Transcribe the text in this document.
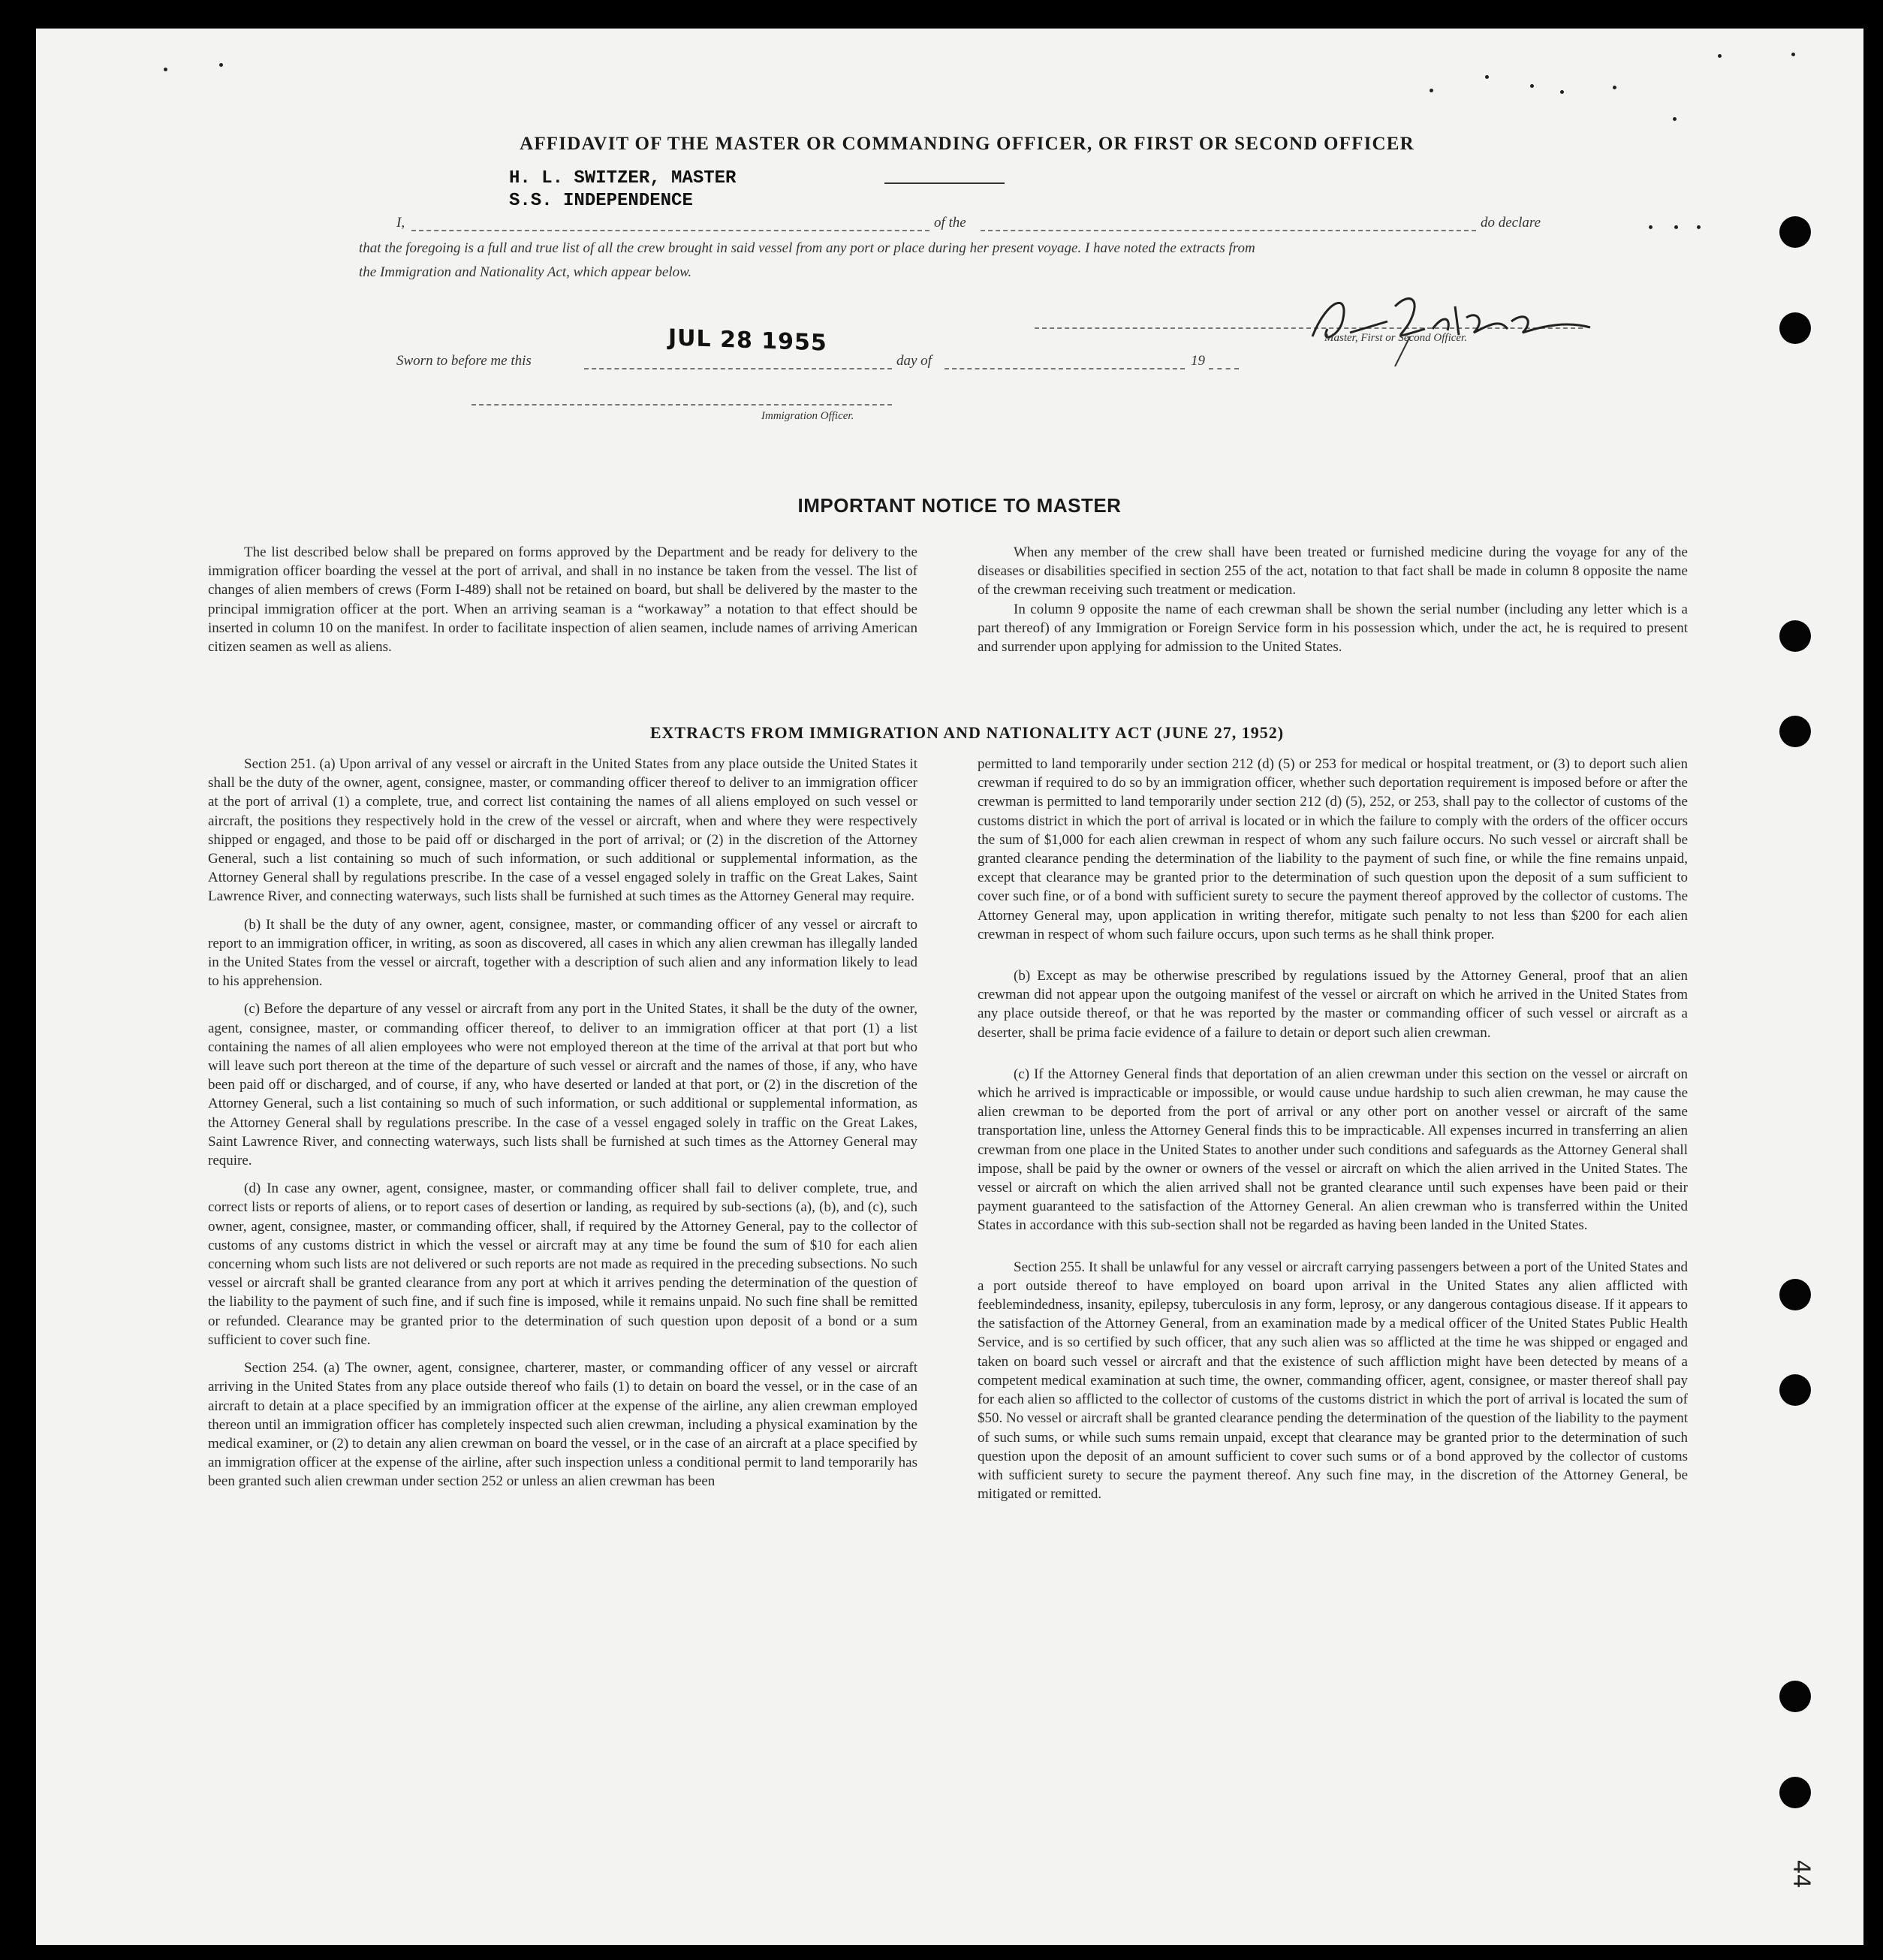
AFFIDAVIT OF THE MASTER OR COMMANDING OFFICER, OR FIRST OR SECOND OFFICER
H. L. SWITZER, MASTER
S.S. INDEPENDENCE
I,	of the	do declare
that the foregoing is a full and true list of all the crew brought in said vessel from any port or place during her present voyage. I have noted the extracts from
the Immigration and Nationality Act, which appear below.
Master, First or Second Officer.
Sworn to before me this
JUL 28 1955
day of	19
Immigration Officer.
IMPORTANT NOTICE TO MASTER

The list described below shall be prepared on forms approved by the Department and be ready for delivery to the immigration officer boarding the vessel at the port of arrival, and shall in no instance be taken from the vessel. The list of changes of alien members of crews (Form I-489) shall not be retained on board, but shall be delivered by the master to the principal immigration officer at the port. When an arriving seaman is a “workaway” a notation to that effect should be inserted in column 10 on the manifest. In order to facilitate inspection of alien seamen, include names of arriving American citizen seamen as well as aliens.

When any member of the crew shall have been treated or furnished medicine during the voyage for any of the diseases or disabilities specified in section 255 of the act, notation to that fact shall be made in column 8 opposite the name of the crewman receiving such treatment or medication.

In column 9 opposite the name of each crewman shall be shown the serial number (including any letter which is a part thereof) of any Immigration or Foreign Service form in his possession which, under the act, he is required to present and surrender upon applying for admission to the United States.

EXTRACTS FROM IMMIGRATION AND NATIONALITY ACT (JUNE 27, 1952)

Section 251. (a) Upon arrival of any vessel or aircraft in the United States from any place outside the United States it shall be the duty of the owner, agent, consignee, master, or commanding officer thereof to deliver to an immigration officer at the port of arrival (1) a complete, true, and correct list containing the names of all aliens employed on such vessel or aircraft, the positions they respectively hold in the crew of the vessel or aircraft, when and where they were respectively shipped or engaged, and those to be paid off or discharged in the port of arrival; or (2) in the discretion of the Attorney General, such a list containing so much of such information, or such additional or supplemental information, as the Attorney General shall by regulations prescribe. In the case of a vessel engaged solely in traffic on the Great Lakes, Saint Lawrence River, and connecting waterways, such lists shall be furnished at such times as the Attorney General may require.

(b) It shall be the duty of any owner, agent, consignee, master, or commanding officer of any vessel or aircraft to report to an immigration officer, in writing, as soon as discovered, all cases in which any alien crewman has illegally landed in the United States from the vessel or aircraft, together with a description of such alien and any information likely to lead to his apprehension.

(c) Before the departure of any vessel or aircraft from any port in the United States, it shall be the duty of the owner, agent, consignee, master, or commanding officer thereof, to deliver to an immigration officer at that port (1) a list containing the names of all alien employees who were not employed thereon at the time of the arrival at that port but who will leave such port thereon at the time of the departure of such vessel or aircraft and the names of those, if any, who have been paid off or discharged, and of course, if any, who have deserted or landed at that port, or (2) in the discretion of the Attorney General, such a list containing so much of such information, or such additional or supplemental information, as the Attorney General shall by regulations prescribe. In the case of a vessel engaged solely in traffic on the Great Lakes, Saint Lawrence River, and connecting waterways, such lists shall be furnished at such times as the Attorney General may require.

(d) In case any owner, agent, consignee, master, or commanding officer shall fail to deliver complete, true, and correct lists or reports of aliens, or to report cases of desertion or landing, as required by sub-sections (a), (b), and (c), such owner, agent, consignee, master, or commanding officer, shall, if required by the Attorney General, pay to the collector of customs of any customs district in which the vessel or aircraft may at any time be found the sum of $10 for each alien concerning whom such lists are not delivered or such reports are not made as required in the preceding subsections. No such vessel or aircraft shall be granted clearance from any port at which it arrives pending the determination of the question of the liability to the payment of such fine, and if such fine is imposed, while it remains unpaid. No such fine shall be remitted or refunded. Clearance may be granted prior to the determination of such question upon deposit of a bond or a sum sufficient to cover such fine.

Section 254. (a) The owner, agent, consignee, charterer, master, or commanding officer of any vessel or aircraft arriving in the United States from any place outside thereof who fails (1) to detain on board the vessel, or in the case of an aircraft to detain at a place specified by an immigration officer at the expense of the airline, any alien crewman employed thereon until an immigration officer has completely inspected such alien crewman, including a physical examination by the medical examiner, or (2) to detain any alien crewman on board the vessel, or in the case of an aircraft at a place specified by an immigration officer at the expense of the airline, after such inspection unless a conditional permit to land temporarily has been granted such alien crewman under section 252 or unless an alien crewman has been

permitted to land temporarily under section 212 (d) (5) or 253 for medical or hospital treatment, or (3) to deport such alien crewman if required to do so by an immigration officer, whether such deportation requirement is imposed before or after the crewman is permitted to land temporarily under section 212 (d) (5), 252, or 253, shall pay to the collector of customs of the customs district in which the port of arrival is located or in which the failure to comply with the orders of the officer occurs the sum of $1,000 for each alien crewman in respect of whom any such failure occurs. No such vessel or aircraft shall be granted clearance pending the determination of the liability to the payment of such fine, or while the fine remains unpaid, except that clearance may be granted prior to the determination of such question upon the deposit of a sum sufficient to cover such fine, or of a bond with sufficient surety to secure the payment thereof approved by the collector of customs. The Attorney General may, upon application in writing therefor, mitigate such penalty to not less than $200 for each alien crewman in respect of whom such failure occurs, upon such terms as he shall think proper.

(b) Except as may be otherwise prescribed by regulations issued by the Attorney General, proof that an alien crewman did not appear upon the outgoing manifest of the vessel or aircraft on which he arrived in the United States from any place outside thereof, or that he was reported by the master or commanding officer of such vessel or aircraft as a deserter, shall be prima facie evidence of a failure to detain or deport such alien crewman.

(c) If the Attorney General finds that deportation of an alien crewman under this section on the vessel or aircraft on which he arrived is impracticable or impossible, or would cause undue hardship to such alien crewman, he may cause the alien crewman to be deported from the port of arrival or any other port on another vessel or aircraft of the same transportation line, unless the Attorney General finds this to be impracticable. All expenses incurred in transferring an alien crewman from one place in the United States to another under such conditions and safeguards as the Attorney General shall impose, shall be paid by the owner or owners of the vessel or aircraft on which the alien arrived in the United States. The vessel or aircraft on which the alien arrived shall not be granted clearance until such expenses have been paid or their payment guaranteed to the satisfaction of the Attorney General. An alien crewman who is transferred within the United States in accordance with this sub-section shall not be regarded as having been landed in the United States.

Section 255. It shall be unlawful for any vessel or aircraft carrying passengers between a port of the United States and a port outside thereof to have employed on board upon arrival in the United States any alien afflicted with feeblemindedness, insanity, epilepsy, tuberculosis in any form, leprosy, or any dangerous contagious disease. If it appears to the satisfaction of the Attorney General, from an examination made by a medical officer of the United States Public Health Service, and is so certified by such officer, that any such alien was so afflicted at the time he was shipped or engaged and taken on board such vessel or aircraft and that the existence of such affliction might have been detected by means of a competent medical examination at such time, the owner, commanding officer, agent, consignee, or master thereof shall pay for each alien so afflicted to the collector of customs of the customs district in which the port of arrival is located the sum of $50. No vessel or aircraft shall be granted clearance pending the determination of the question of the liability to the payment of such sums, or while such sums remain unpaid, except that clearance may be granted prior to the determination of such question upon the deposit of an amount sufficient to cover such sums or of a bond approved by the collector of customs with sufficient surety to secure the payment thereof. Any such fine may, in the discretion of the Attorney General, be mitigated or remitted.

44
